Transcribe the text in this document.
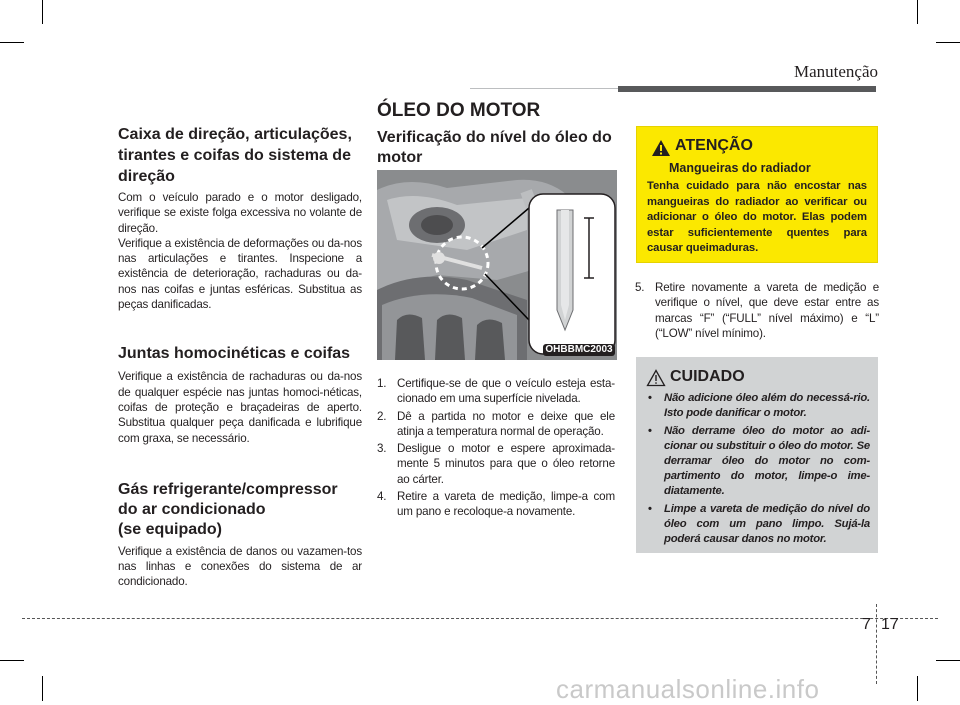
Manutenção
Caixa de direção, articulações, tirantes e coifas do sistema de direção
Com o veículo parado e o motor desligado, verifique se existe folga excessiva no volante de direção.
Verifique a existência de deformações ou da-nos nas articulações e tirantes. Inspecione a existência de deterioração, rachaduras ou da-nos nas coifas e juntas esféricas. Substitua as peças danificadas.
Juntas homocinéticas e coifas
Verifique a existência de rachaduras ou da-nos de qualquer espécie nas juntas homoci-néticas, coifas de proteção e braçadeiras de aperto. Substitua qualquer peça danificada e lubrifique com graxa, se necessário.
Gás refrigerante/compressor
do ar condicionado
(se equipado)
Verifique a existência de danos ou vazamen-tos nas linhas e conexões do sistema de ar condicionado.
ÓLEO DO MOTOR
Verificação do nível do óleo do motor
OHBBMC2003
1. Certifique-se de que o veículo esteja esta-cionado em uma superfície nivelada.
2. Dê a partida no motor e deixe que ele atinja a temperatura normal de operação.
3. Desligue o motor e espere aproximada-mente 5 minutos para que o óleo retorne ao cárter.
4. Retire a vareta de medição, limpe-a com um pano e recoloque-a novamente.
ATENÇÃO
Mangueiras do radiador
Tenha cuidado para não encostar nas mangueiras do radiador ao verificar ou adicionar o óleo do motor. Elas podem estar suficientemente quentes para causar queimaduras.
5. Retire novamente a vareta de medição e verifique o nível, que deve estar entre as marcas “F” (“FULL” nível máximo) e “L” (“LOW” nível mínimo).
CUIDADO
• Não adicione óleo além do necessá-rio. Isto pode danificar o motor.
• Não derrame óleo do motor ao adi-cionar ou substituir o óleo do motor. Se derramar óleo do motor no com-partimento do motor, limpe-o ime-diatamente.
• Limpe a vareta de medição do nível do óleo com um pano limpo. Sujá-la poderá causar danos no motor.
7 17
carmanualsonline.info
